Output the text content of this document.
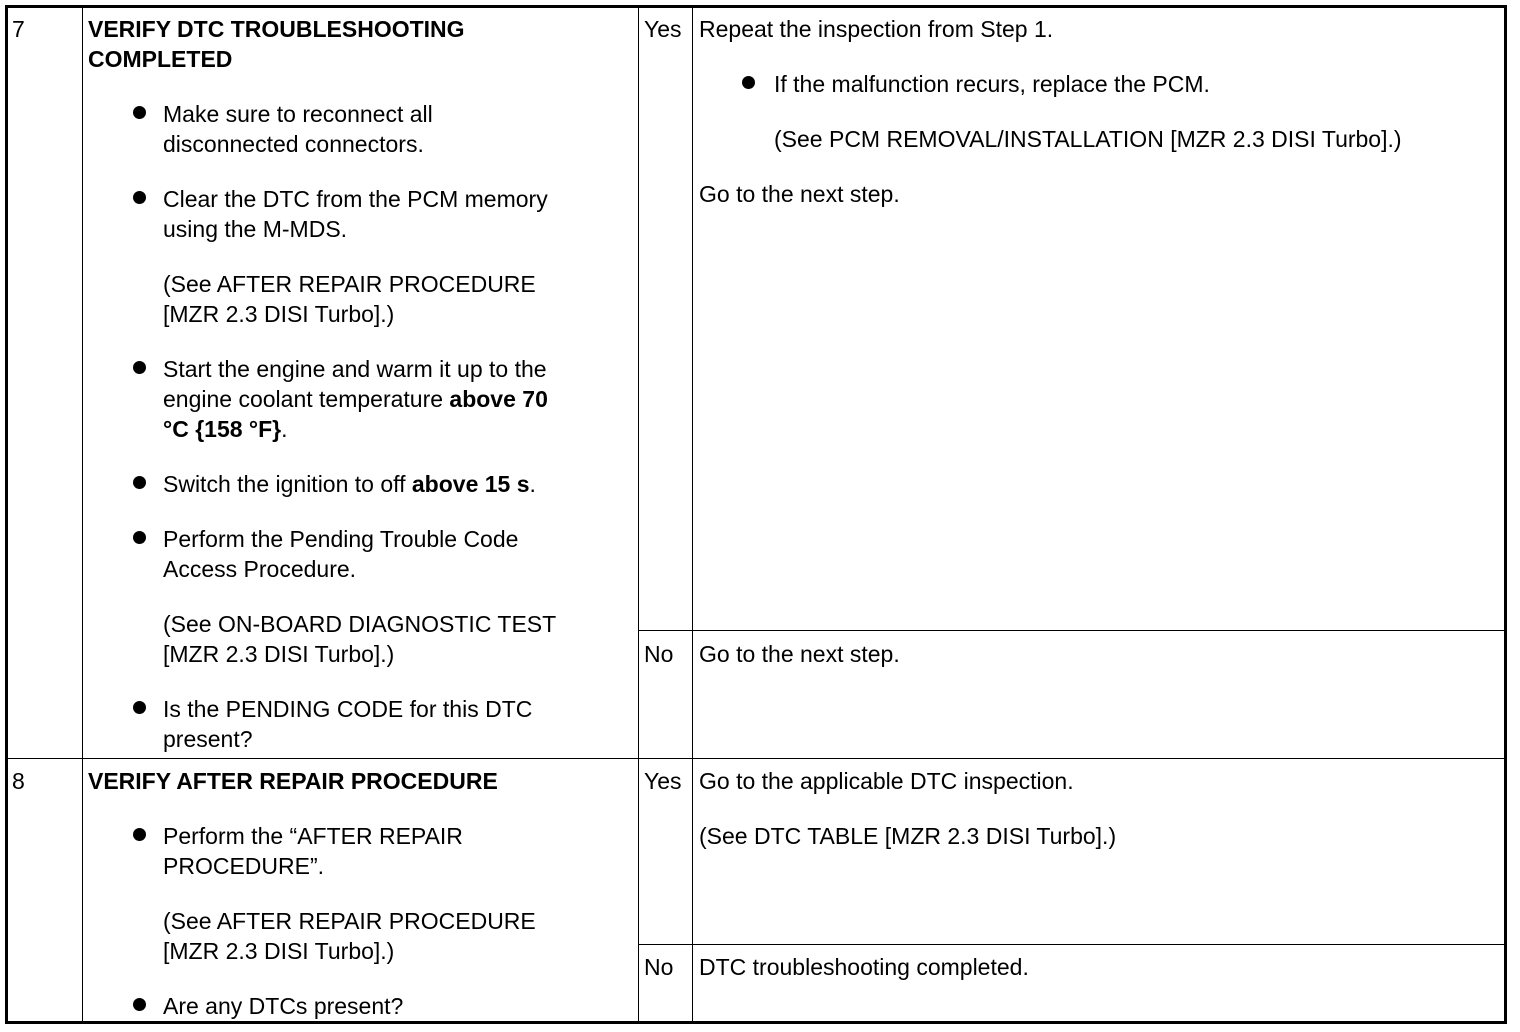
7	VERIFY DTC TROUBLESHOOTING
COMPLETED
Make sure to reconnect all
disconnected connectors.
Clear the DTC from the PCM memory
using the M-MDS.
(See AFTER REPAIR PROCEDURE
[MZR 2.3 DISI Turbo].)
Start the engine and warm it up to the
engine coolant temperature above 70
°C {158 °F}.
Switch the ignition to off above 15 s.
Perform the Pending Trouble Code
Access Procedure.
(See ON-BOARD DIAGNOSTIC TEST
[MZR 2.3 DISI Turbo].)
Is the PENDING CODE for this DTC
present?
Yes Repeat the inspection from Step 1.
If the malfunction recurs, replace the PCM.
(See PCM REMOVAL/INSTALLATION [MZR 2.3 DISI Turbo].)
Go to the next step.
No Go to the next step.
8	VERIFY AFTER REPAIR PROCEDURE
Perform the “AFTER REPAIR
PROCEDURE”.
(See AFTER REPAIR PROCEDURE
[MZR 2.3 DISI Turbo].)
Are any DTCs present?
Yes Go to the applicable DTC inspection.
(See DTC TABLE [MZR 2.3 DISI Turbo].)
No DTC troubleshooting completed.
